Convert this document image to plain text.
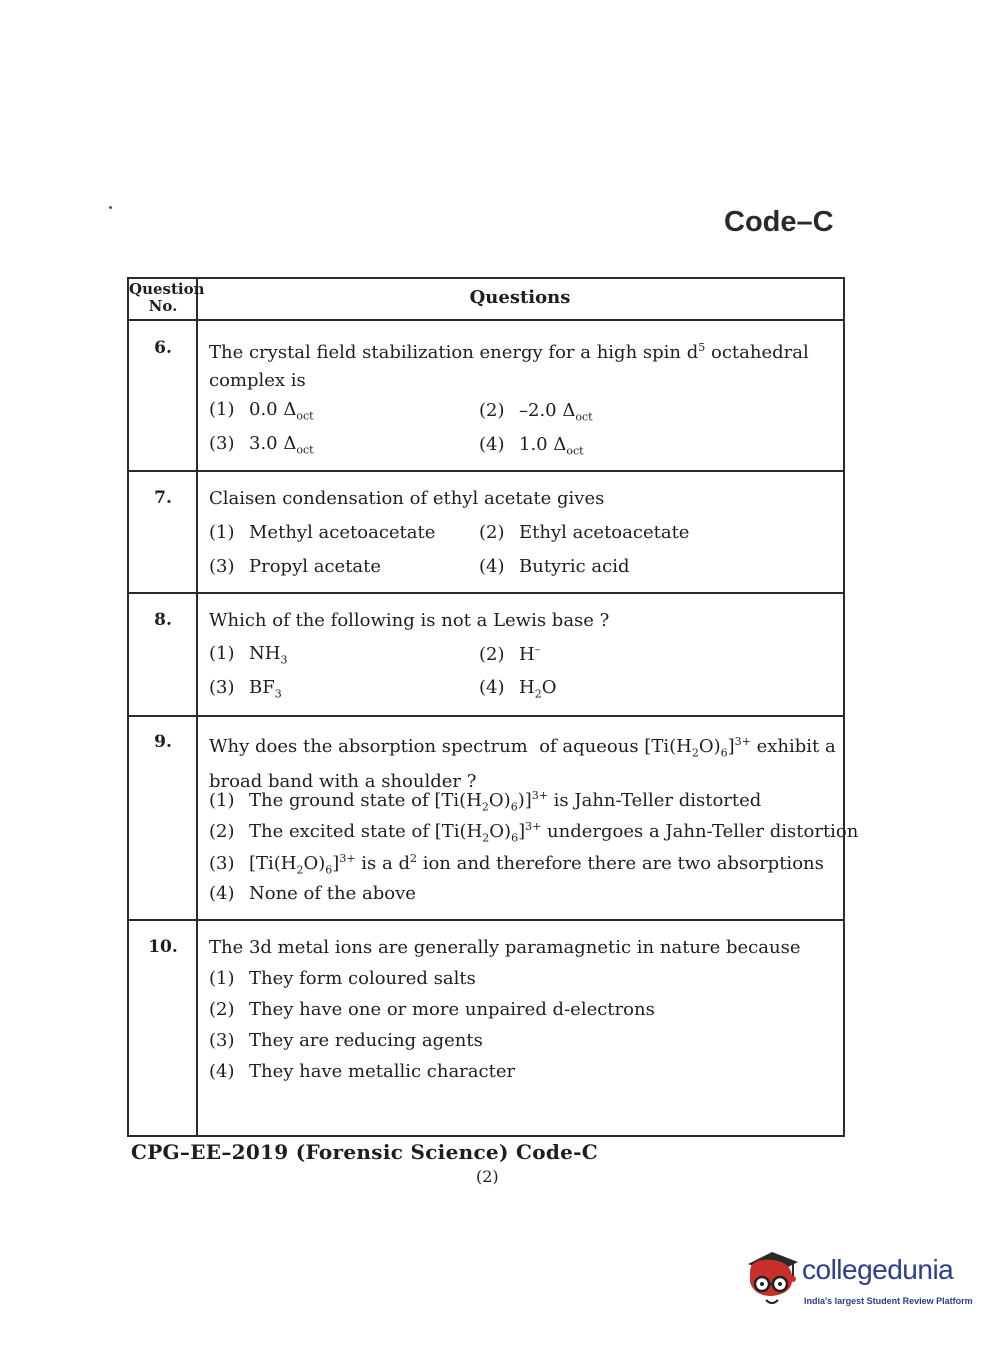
Code–C
Question No.	Questions
6.	The crystal field stabilization energy for a high spin $d^5$ octahedral complex is
(1) 0.0 $\Delta_{oct}$	(2) –2.0 $\Delta_{oct}$
(3) 3.0 $\Delta_{oct}$	(4) 1.0 $\Delta_{oct}$
7.	Claisen condensation of ethyl acetate gives
(1) Methyl acetoacetate (2) Ethyl acetoacetate
(3) Propyl acetate	(4) Butyric acid
8.	Which of the following is not a Lewis base ?
(1) $NH_3$	(2) H–
(3) $BF_3$	(4) $H_2O$
9.	Why does the absorption spectrum  of aqueous $[Ti(H_2O)_6]^{3+}$ exhibit a broad band with a shoulder ?
(1) The ground state of $[Ti(H_2O)_6)]^{3+}$ is Jahn-Teller distorted
(2) The excited state of $[Ti(H_2O)_6]^{3+}$ undergoes a Jahn-Teller distortion
(3) $[Ti(H_2O)_6]^{3+}$ is a $d^2$ ion and therefore there are two absorptions
(4) None of the above
10.	The 3d metal ions are generally paramagnetic in nature because
(1) They form coloured salts
(2) They have one or more unpaired d-electrons
(3) They are reducing agents
(4) They have metallic character
CPG–EE–2019 (Forensic Science) Code-C
(2)
collegedunia
India's largest Student Review Platform
